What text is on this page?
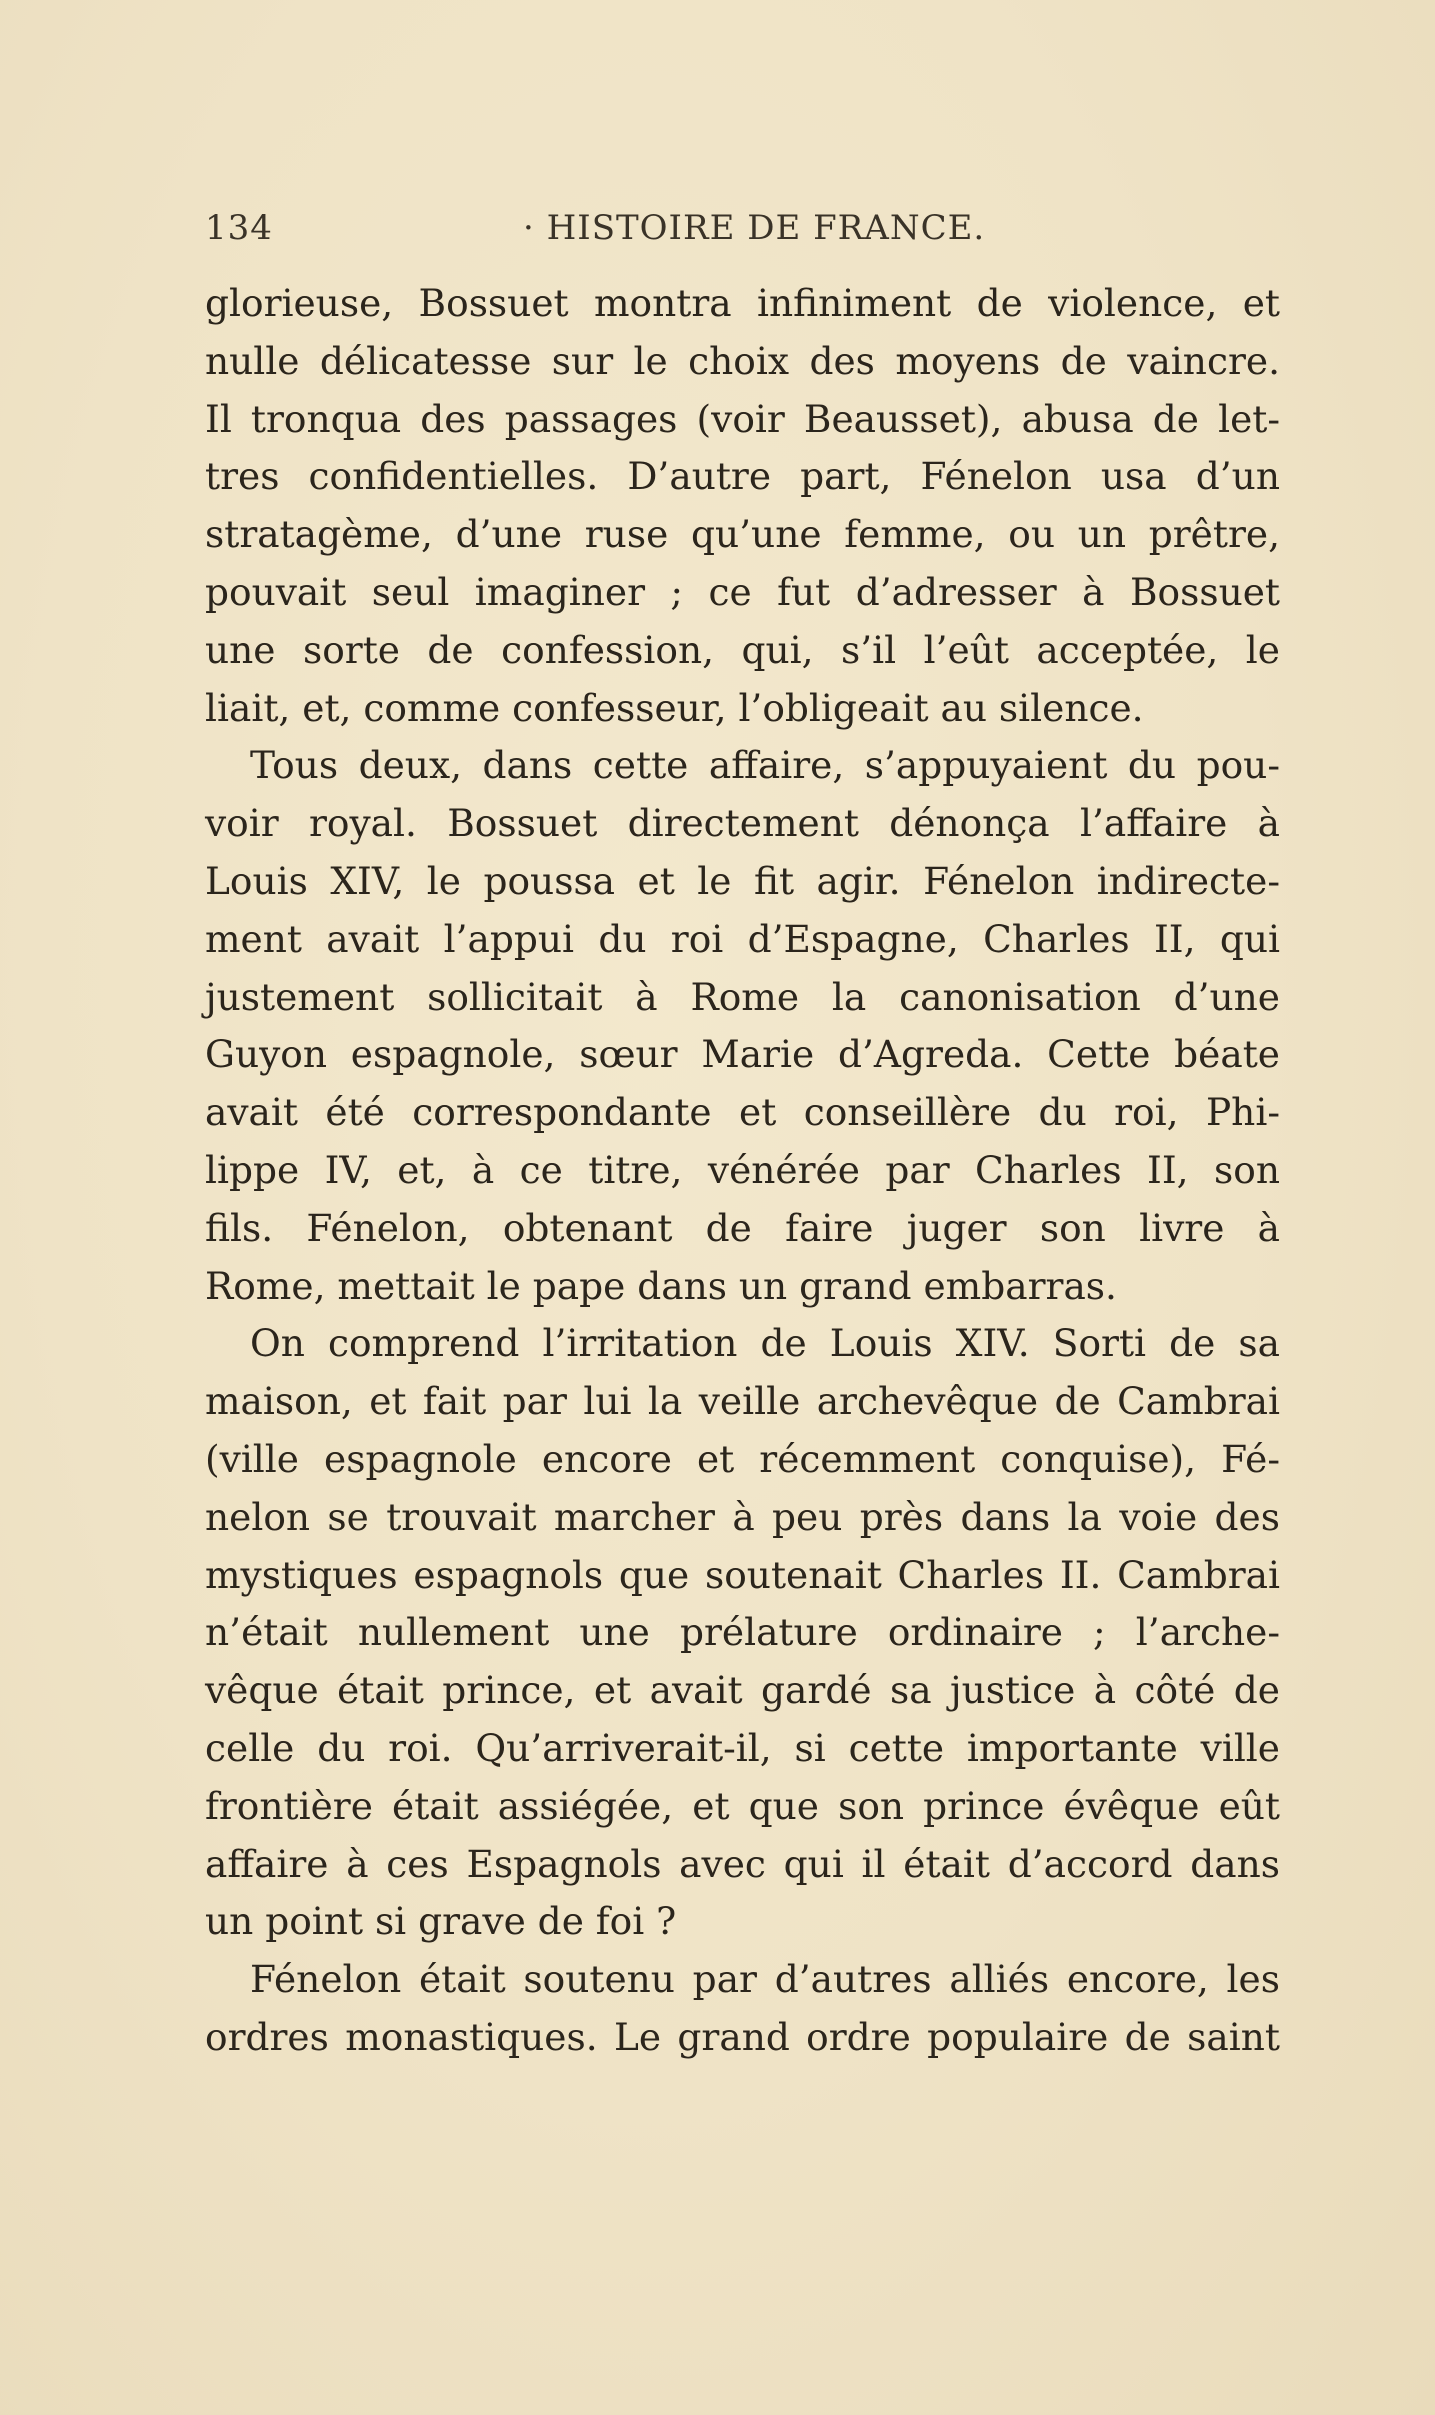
134	· HISTOIRE DE FRANCE.
glorieuse, Bossuet montra infiniment de violence, et
nulle délicatesse sur le choix des moyens de vaincre.
Il tronqua des passages (voir Beausset), abusa de let-
tres confidentielles. D’autre part, Fénelon usa d’un
stratagème, d’une ruse qu’une femme, ou un prêtre,
pouvait seul imaginer ; ce fut d’adresser à Bossuet
une sorte de confession, qui, s’il l’eût acceptée, le
liait, et, comme confesseur, l’obligeait au silence.
Tous deux, dans cette affaire, s’appuyaient du pou-
voir royal. Bossuet directement dénonça l’affaire à
Louis XIV, le poussa et le fit agir. Fénelon indirecte-
ment avait l’appui du roi d’Espagne, Charles II, qui
justement sollicitait à Rome la canonisation d’une
Guyon espagnole, sœur Marie d’Agreda. Cette béate
avait été correspondante et conseillère du roi, Phi-
lippe IV, et, à ce titre, vénérée par Charles II, son
fils. Fénelon, obtenant de faire juger son livre à
Rome, mettait le pape dans un grand embarras.
On comprend l’irritation de Louis XIV. Sorti de sa
maison, et fait par lui la veille archevêque de Cambrai
(ville espagnole encore et récemment conquise), Fé-
nelon se trouvait marcher à peu près dans la voie des
mystiques espagnols que soutenait Charles II. Cambrai
n’était nullement une prélature ordinaire ; l’arche-
vêque était prince, et avait gardé sa justice à côté de
celle du roi. Qu’arriverait-il, si cette importante ville
frontière était assiégée, et que son prince évêque eût
affaire à ces Espagnols avec qui il était d’accord dans
un point si grave de foi ?
Fénelon était soutenu par d’autres alliés encore, les
ordres monastiques. Le grand ordre populaire de saint
